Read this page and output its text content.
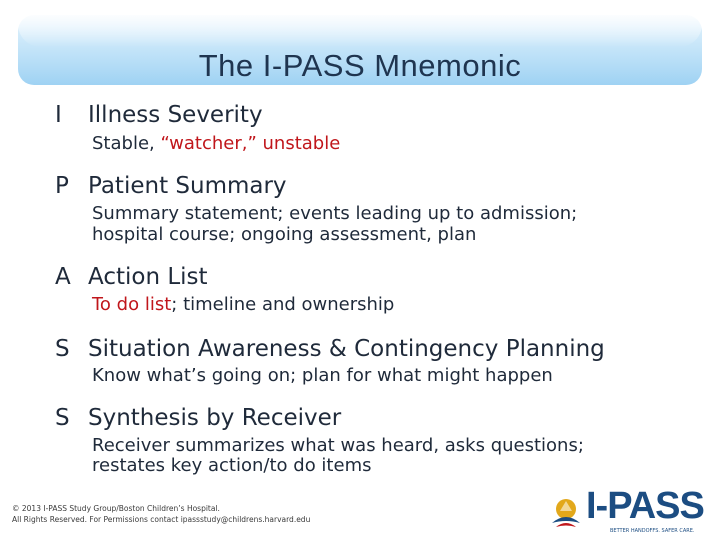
The I-PASS Mnemonic
I Illness Severity
Stable, “watcher,” unstable
P Patient Summary
Summary statement; events leading up to admission;
hospital course; ongoing assessment, plan
A Action List
To do list; timeline and ownership
S Situation Awareness & Contingency Planning
Know what’s going on; plan for what might happen
S Synthesis by Receiver
Receiver summarizes what was heard, asks questions;
restates key action/to do items
© 2013 I-PASS Study Group/Boston Children’s Hospital.
All Rights Reserved. For Permissions contact ipassstudy@childrens.harvard.edu	I-PASS
BETTER HANDOFFS. SAFER CARE.
